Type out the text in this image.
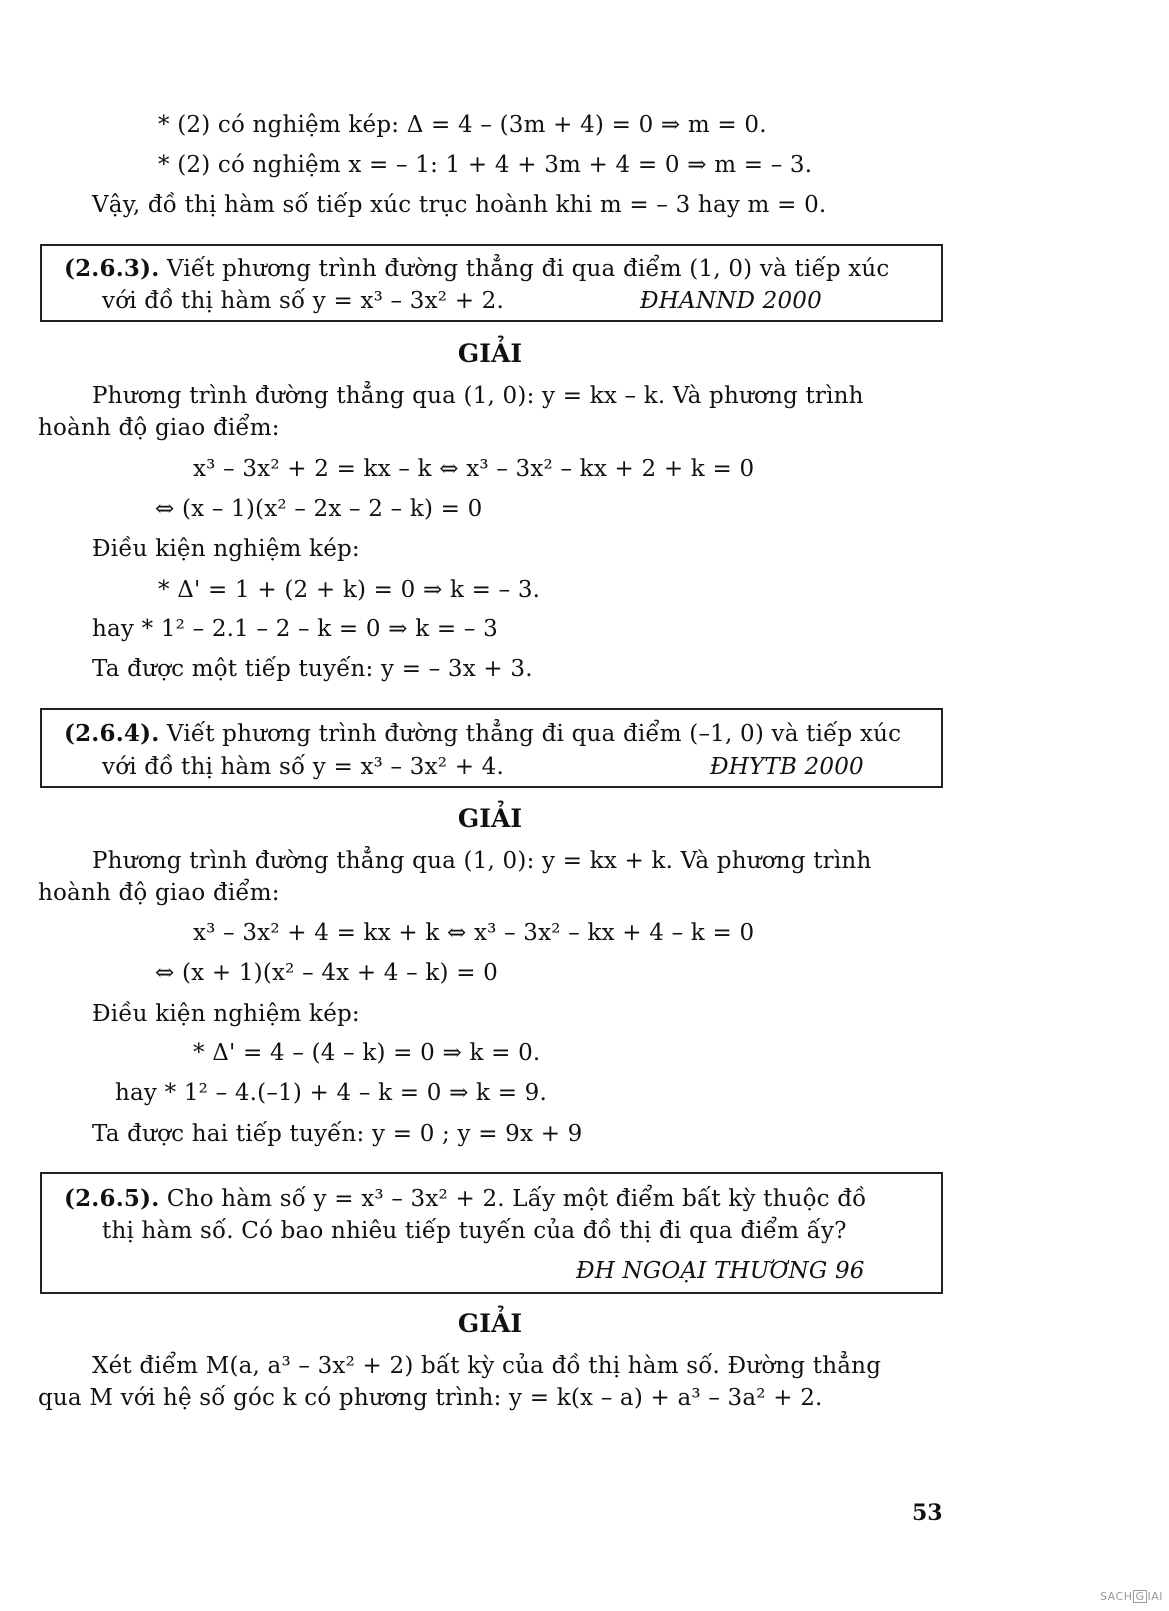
* (2) có nghiệm kép: Δ = 4 – (3m + 4) = 0 ⇒ m = 0.
* (2) có nghiệm x = – 1: 1 + 4 + 3m + 4 = 0 ⇒ m = – 3.
Vậy, đồ thị hàm số tiếp xúc trục hoành khi m = – 3 hay m = 0.
(2.6.3). Viết phương trình đường thẳng đi qua điểm (1, 0) và tiếp xúc
với đồ thị hàm số y = x³ – 3x² + 2.	ĐHANND 2000
GIẢI
Phương trình đường thẳng qua (1, 0): y = kx – k. Và phương trình
hoành độ giao điểm:
x³ – 3x² + 2 = kx – k ⇔ x³ – 3x² – kx + 2 + k = 0
⇔ (x – 1)(x² – 2x – 2 – k) = 0
Điều kiện nghiệm kép:
* Δ' = 1 + (2 + k) = 0 ⇒ k = – 3.
hay * 1² – 2.1 – 2 – k = 0 ⇒ k = – 3
Ta được một tiếp tuyến: y = – 3x + 3.
(2.6.4). Viết phương trình đường thẳng đi qua điểm (–1, 0) và tiếp xúc
với đồ thị hàm số y = x³ – 3x² + 4.	ĐHYTB 2000
GIẢI
Phương trình đường thẳng qua (1, 0): y = kx + k. Và phương trình
hoành độ giao điểm:
x³ – 3x² + 4 = kx + k ⇔ x³ – 3x² – kx + 4 – k = 0
⇔ (x + 1)(x² – 4x + 4 – k) = 0
Điều kiện nghiệm kép:
* Δ' = 4 – (4 – k) = 0 ⇒ k = 0.
hay * 1² – 4.(–1) + 4 – k = 0 ⇒ k = 9.
Ta được hai tiếp tuyến: y = 0 ; y = 9x + 9
(2.6.5). Cho hàm số y = x³ – 3x² + 2. Lấy một điểm bất kỳ thuộc đồ
thị hàm số. Có bao nhiêu tiếp tuyến của đồ thị đi qua điểm ấy?
ĐH NGOẠI THƯƠNG 96
GIẢI
Xét điểm M(a, a³ – 3x² + 2) bất kỳ của đồ thị hàm số. Đường thẳng
qua M với hệ số góc k có phương trình: y = k(x – a) + a³ – 3a² + 2.
53
SACH G IAI
